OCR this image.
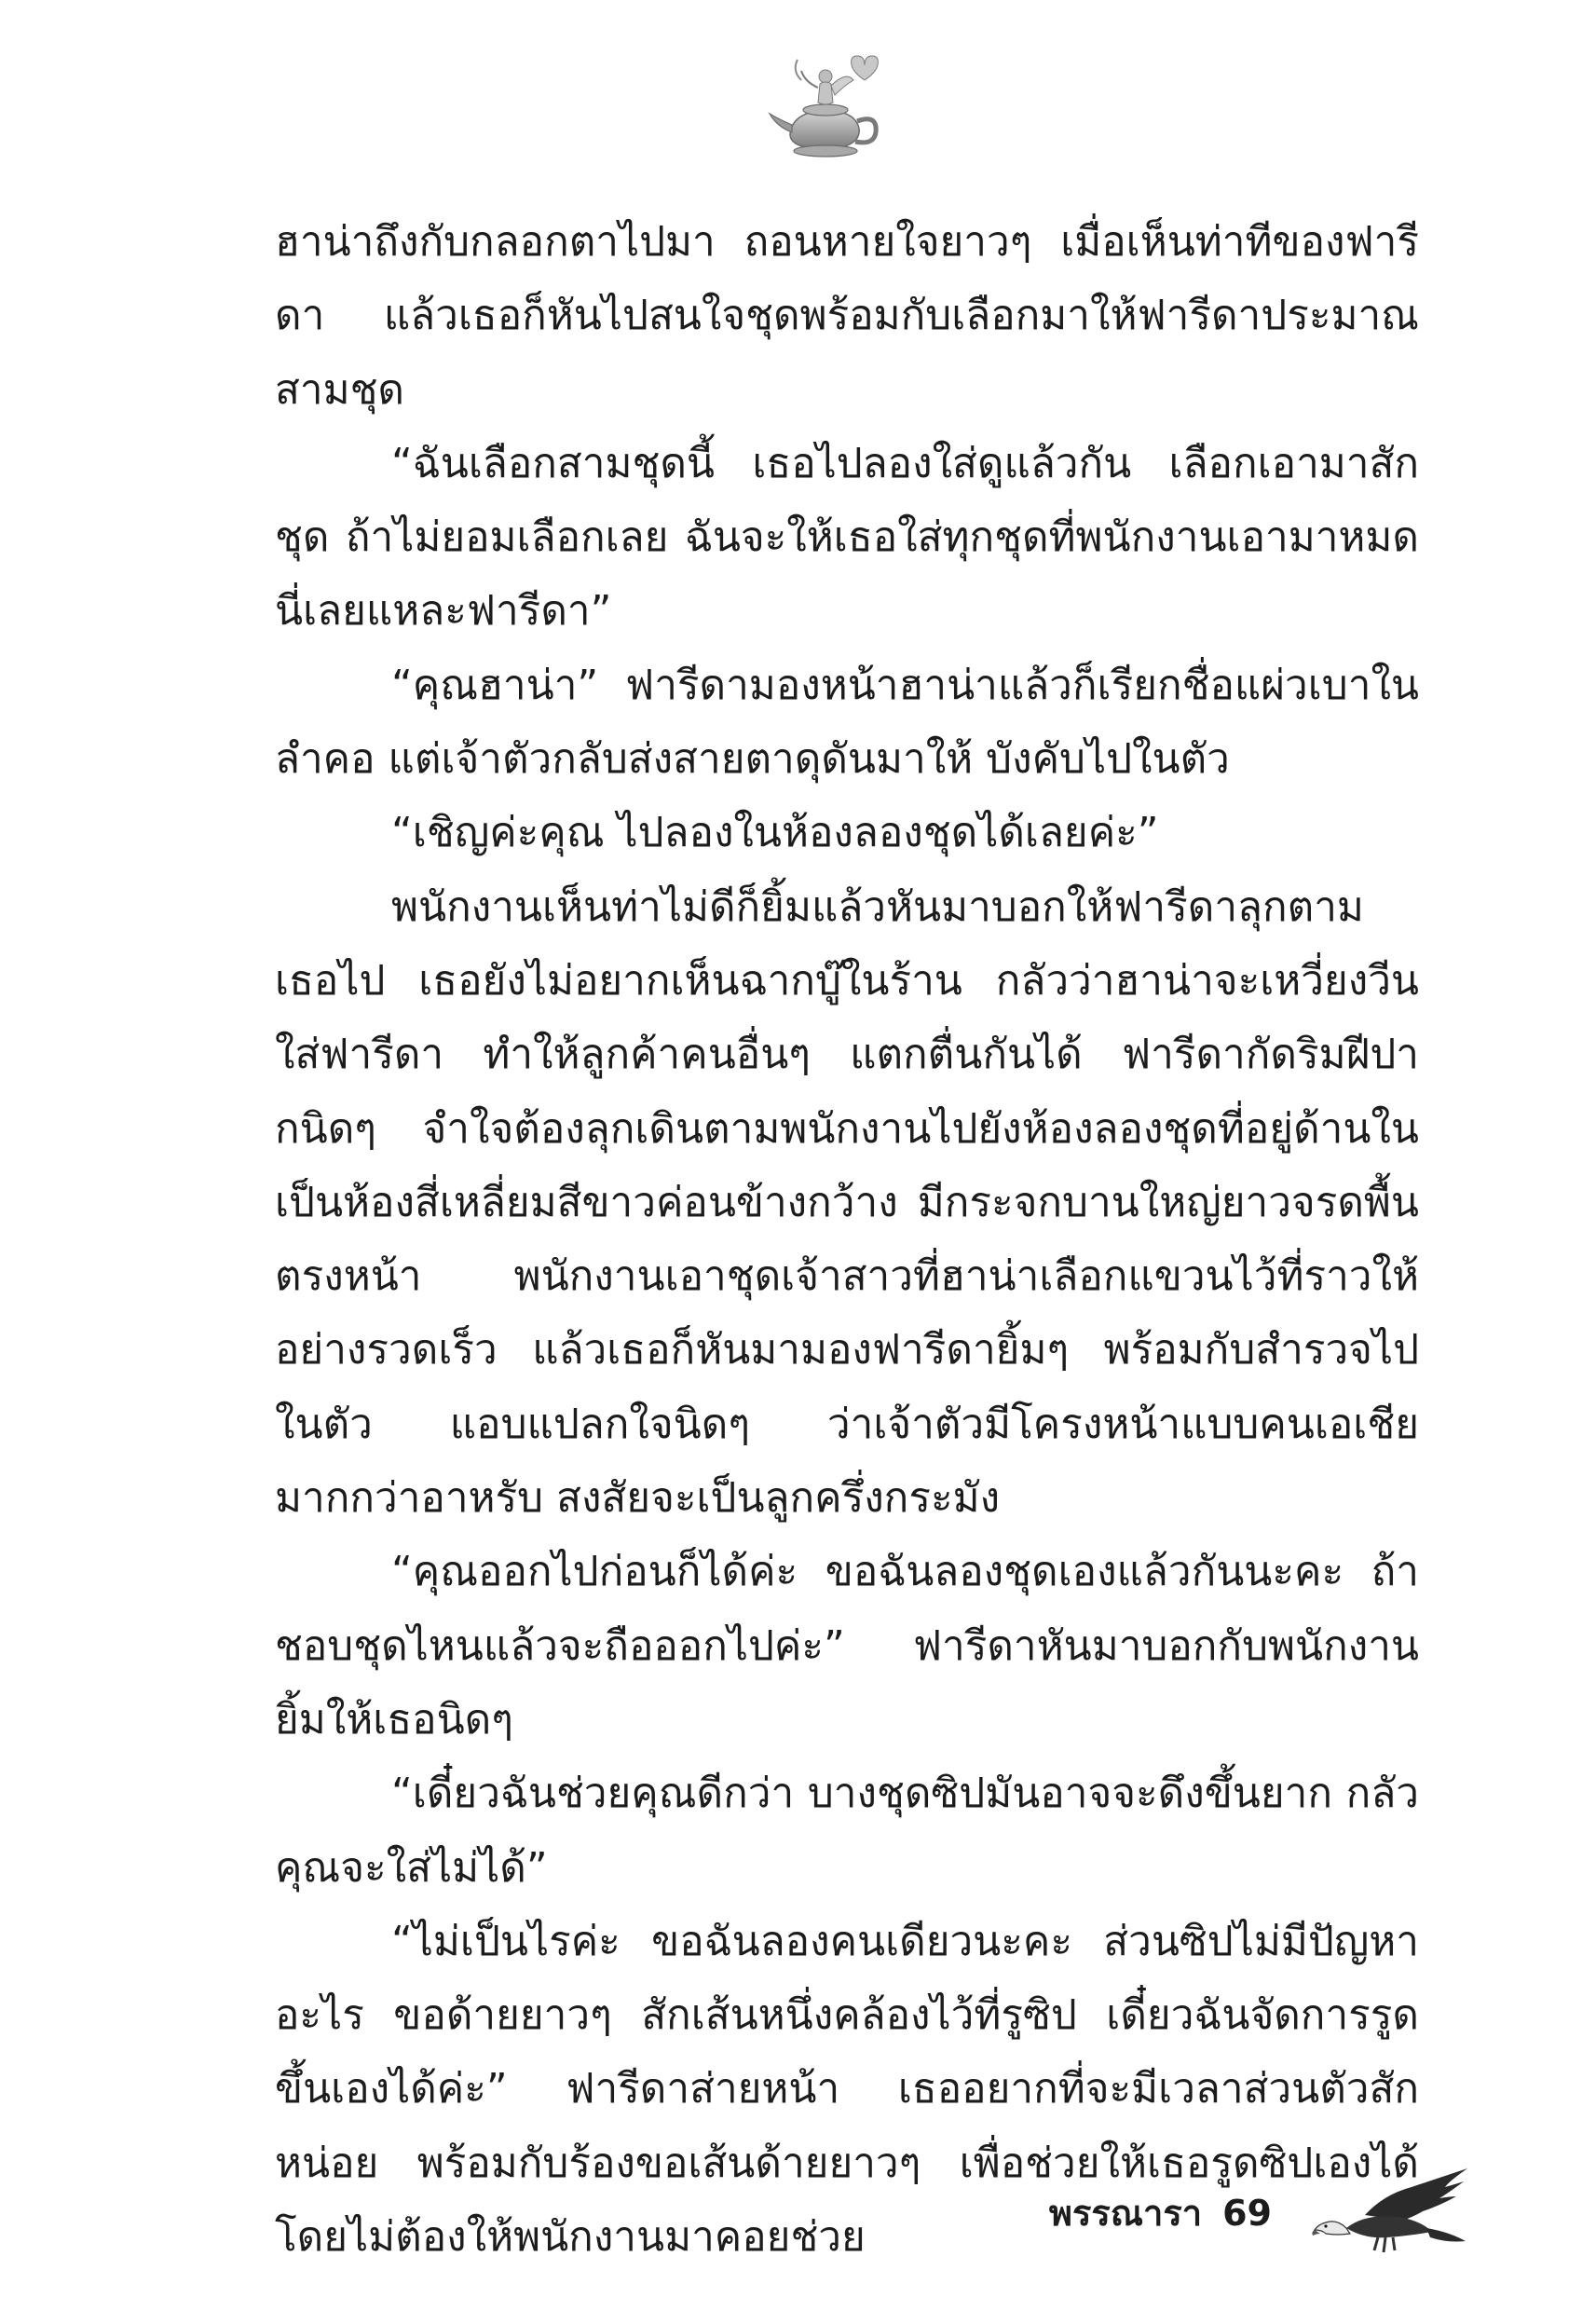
ฮาน่าถึงกับกลอกตาไปมา ถอนหายใจยาวๆ เมื่อเห็นท่าทีของฟารีดา แล้วเธอก็หันไปสนใจชุดพร้อมกับเลือกมาให้ฟารีดาประมาณสามชุด

“ฉันเลือกสามชุดนี้ เธอไปลองใส่ดูแล้วกัน เลือกเอามาสักชุด ถ้าไม่ยอมเลือกเลย ฉันจะให้เธอใส่ทุกชุดที่พนักงานเอามาหมดนี่เลยแหละฟารีดา”

“คุณฮาน่า” ฟารีดามองหน้าฮาน่าแล้วก็เรียกชื่อแผ่วเบาในลำคอ แต่เจ้าตัวกลับส่งสายตาดุดันมาให้ บังคับไปในตัว

“เชิญค่ะคุณ ไปลองในห้องลองชุดได้เลยค่ะ”

พนักงานเห็นท่าไม่ดีก็ยิ้มแล้วหันมาบอกให้ฟารีดาลุกตามเธอไป เธอยังไม่อยากเห็นฉากบู๊ในร้าน กลัวว่าฮาน่าจะเหวี่ยงวีนใส่ฟารีดา ทำให้ลูกค้าคนอื่นๆ แตกตื่นกันได้ ฟารีดากัดริมฝีปากนิดๆ จำใจต้องลุกเดินตามพนักงานไปยังห้องลองชุดที่อยู่ด้านใน เป็นห้องสี่เหลี่ยมสีขาวค่อนข้างกว้าง มีกระจกบานใหญ่ยาวจรดพื้นตรงหน้า พนักงานเอาชุดเจ้าสาวที่ฮาน่าเลือกแขวนไว้ที่ราวให้อย่างรวดเร็ว แล้วเธอก็หันมามองฟารีดายิ้มๆ พร้อมกับสำรวจไปในตัว แอบแปลกใจนิดๆ ว่าเจ้าตัวมีโครงหน้าแบบคนเอเชียมากกว่าอาหรับ สงสัยจะเป็นลูกครึ่งกระมัง

“คุณออกไปก่อนก็ได้ค่ะ ขอฉันลองชุดเองแล้วกันนะคะ ถ้าชอบชุดไหนแล้วจะถือออกไปค่ะ” ฟารีดาหันมาบอกกับพนักงาน ยิ้มให้เธอนิดๆ

“เดี๋ยวฉันช่วยคุณดีกว่า บางชุดซิปมันอาจจะดึงขึ้นยาก กลัวคุณจะใส่ไม่ได้”

“ไม่เป็นไรค่ะ ขอฉันลองคนเดียวนะคะ ส่วนซิปไม่มีปัญหาอะไร ขอด้ายยาวๆ สักเส้นหนึ่งคล้องไว้ที่รูซิป เดี๋ยวฉันจัดการรูดขึ้นเองได้ค่ะ” ฟารีดาส่ายหน้า เธออยากที่จะมีเวลาส่วนตัวสักหน่อย พร้อมกับร้องขอเส้นด้ายยาวๆ เพื่อช่วยให้เธอรูดซิปเองได้โดยไม่ต้องให้พนักงานมาคอยช่วย

พรรณารา 69
